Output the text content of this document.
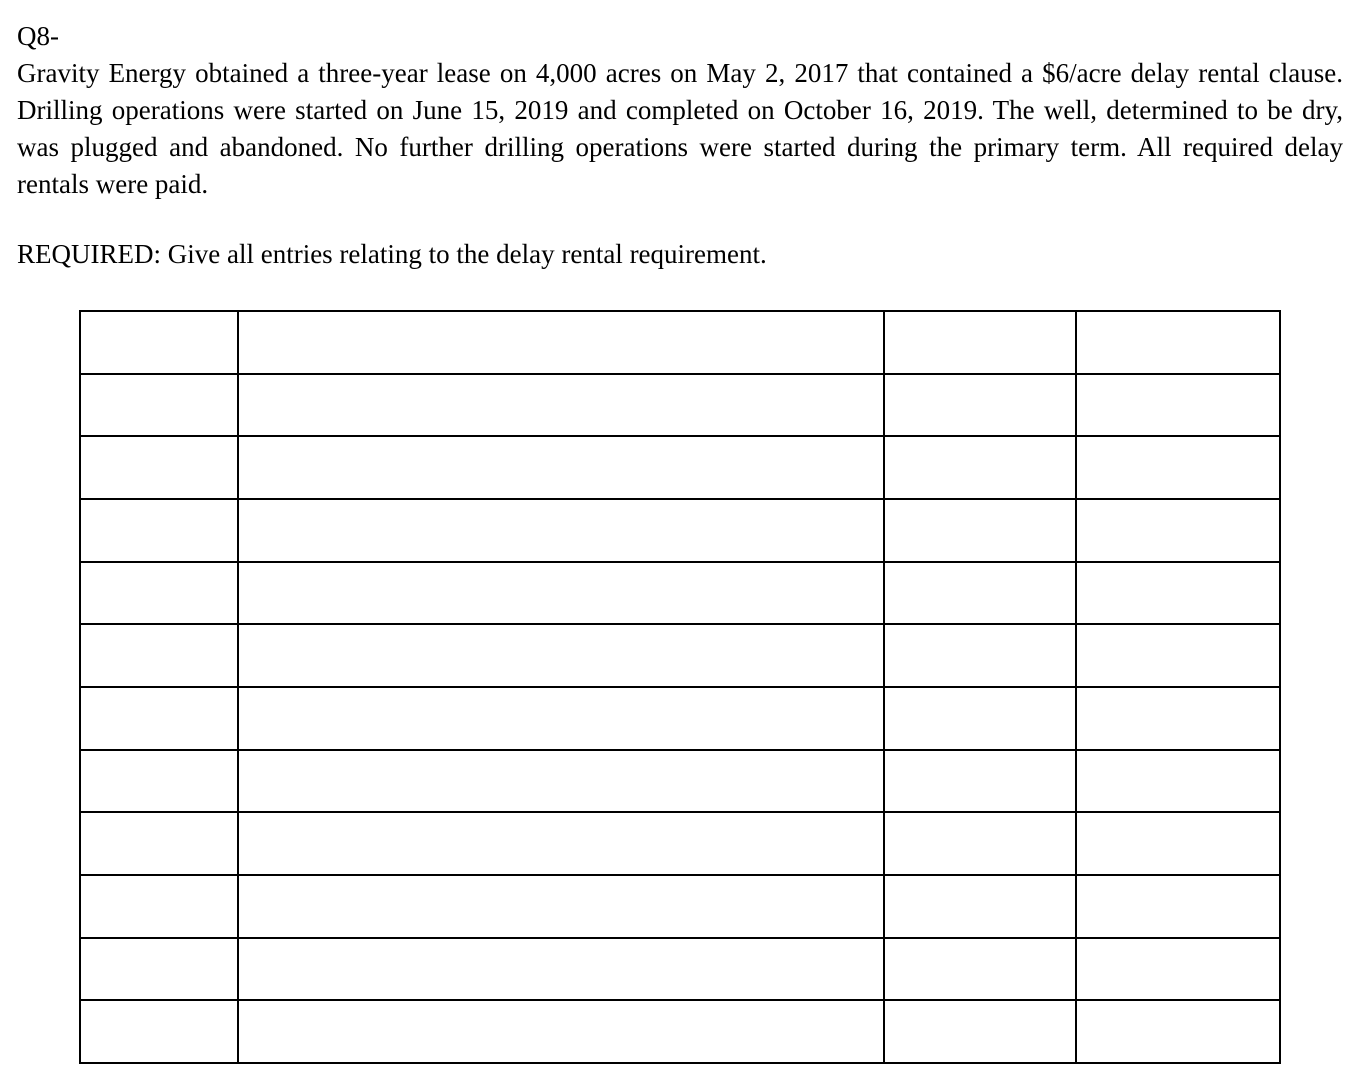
Q8-

Gravity Energy obtained a three-year lease on 4,000 acres on May 2, 2017 that contained a $6/acre delay rental clause. Drilling operations were started on June 15, 2019 and completed on October 16, 2019. The well, determined to be dry, was plugged and abandoned. No further drilling operations were started during the primary term. All required delay rentals were paid.

REQUIRED: Give all entries relating to the delay rental requirement.
